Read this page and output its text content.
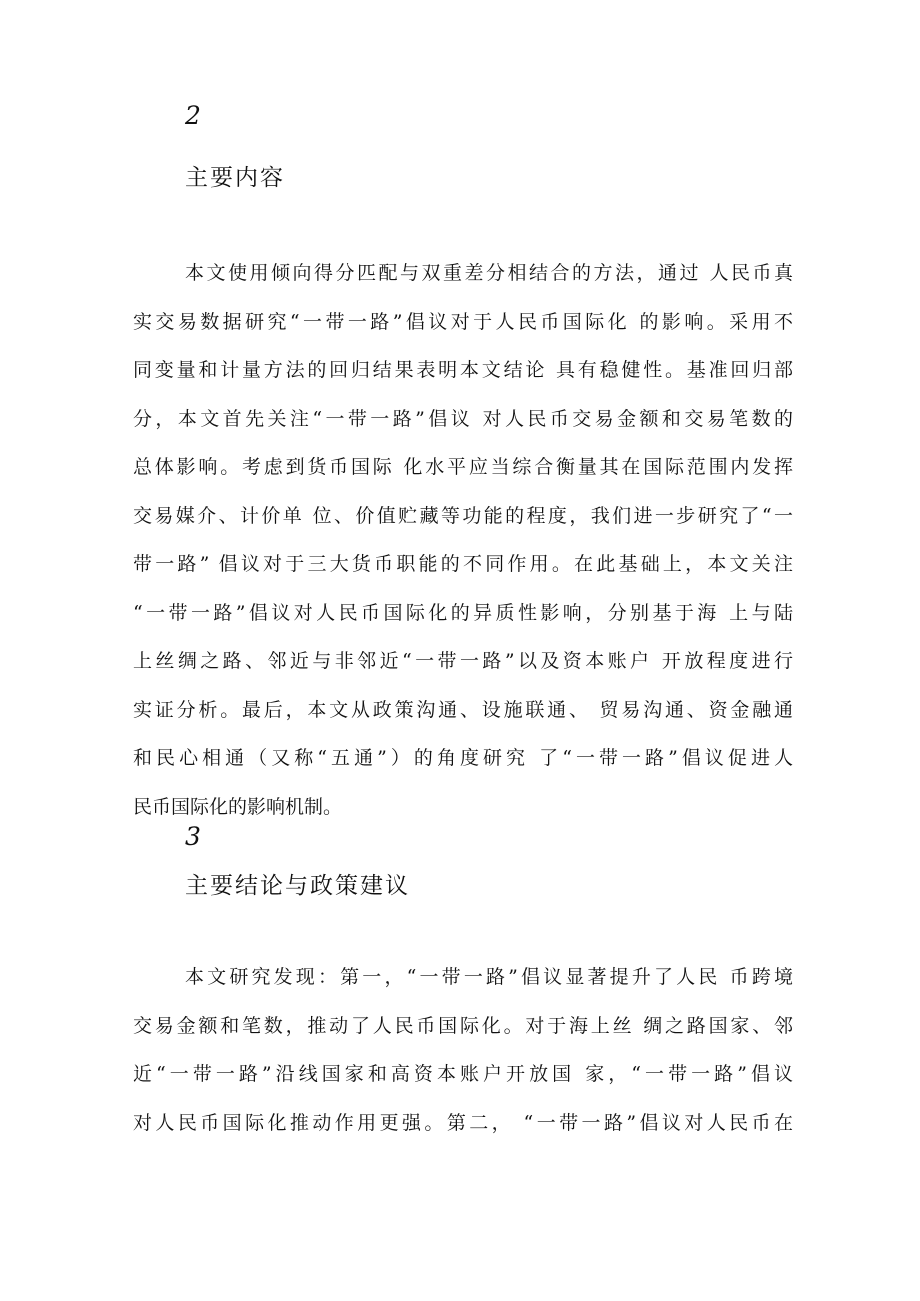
2

主要内容
本文使用倾向得分匹配与双重差分相结合的方法，通过 人民币真
实交易数据研究“一带一路”倡议对于人民币国际化 的影响。采用不
同变量和计量方法的回归结果表明本文结论 具有稳健性。基准回归部
分，本文首先关注“一带一路”倡议 对人民币交易金额和交易笔数的
总体影响。考虑到货币国际 化水平应当综合衡量其在国际范围内发挥
交易媒介、计价单 位、价值贮藏等功能的程度，我们进一步研究了“一
带一路” 倡议对于三大货币职能的不同作用。在此基础上，本文关注
“一带一路”倡议对人民币国际化的异质性影响，分别基于海 上与陆
上丝绸之路、邻近与非邻近“一带一路”以及资本账户 开放程度进行
实证分析。最后，本文从政策沟通、设施联通、 贸易沟通、资金融通
和民心相通（又称“五通”）的角度研究 了“一带一路”倡议促进人
民币国际化的影响机制。

3

主要结论与政策建议
本文研究发现：第一，“一带一路”倡议显著提升了人民 币跨境
交易金额和笔数，推动了人民币国际化。对于海上丝 绸之路国家、邻
近“一带一路”沿线国家和高资本账户开放国 家，“一带一路”倡议
对人民币国际化推动作用更强。第二， “一带一路”倡议对人民币在
